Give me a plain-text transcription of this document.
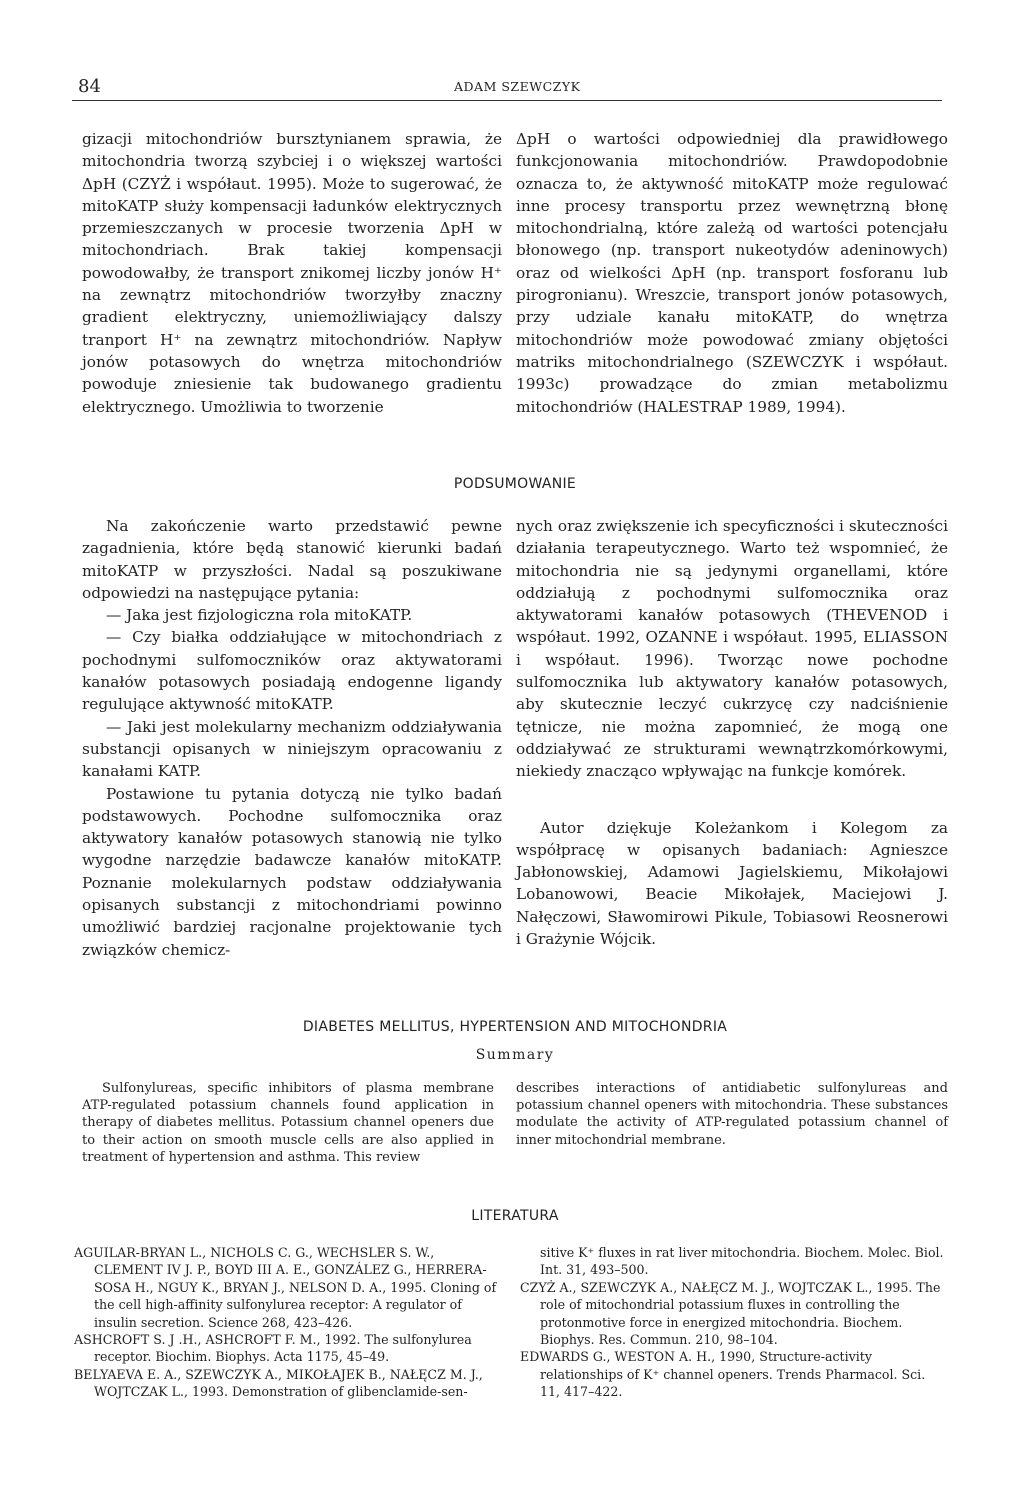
84	ADAM SZEWCZYK

gizacji mitochondriów bursztynianem sprawia, że mitochondria tworzą szybciej i o większej wartości ΔpH (CZYŻ i współaut. 1995). Może to sugerować, że mitoKATP służy kompensacji ładunków elektrycznych przemieszczanych w procesie tworzenia ΔpH w mitochondriach. Brak takiej kompensacji powodowałby, że transport znikomej liczby jonów H⁺ na zewnątrz mitochondriów tworzyłby znaczny gradient elektryczny, uniemożliwiający dalszy tranport H⁺ na zewnątrz mitochondriów. Napływ jonów potasowych do wnętrza mitochondriów powoduje zniesienie tak budowanego gradientu elektrycznego. Umożliwia to tworzenie

ΔpH o wartości odpowiedniej dla prawidłowego funkcjonowania mitochondriów. Prawdopodobnie oznacza to, że aktywność mitoKATP może regulować inne procesy transportu przez wewnętrzną błonę mitochondrialną, które zależą od wartości potencjału błonowego (np. transport nukeotydów adeninowych) oraz od wielkości ΔpH (np. transport fosforanu lub pirogronianu). Wreszcie, transport jonów potasowych, przy udziale kanału mitoKATP, do wnętrza mitochondriów może powodować zmiany objętości matriks mitochondrialnego (SZEWCZYK i współaut. 1993c) prowadzące do zmian metabolizmu mitochondriów (HALESTRAP 1989, 1994).

PODSUMOWANIE

Na zakończenie warto przedstawić pewne zagadnienia, które będą stanowić kierunki badań mitoKATP w przyszłości. Nadal są poszukiwane odpowiedzi na następujące pytania:

— Jaka jest fizjologiczna rola mitoKATP.

— Czy białka oddziałujące w mitochondriach z pochodnymi sulfomoczników oraz aktywatorami kanałów potasowych posiadają endogenne ligandy regulujące aktywność mitoKATP.

— Jaki jest molekularny mechanizm oddziaływania substancji opisanych w niniejszym opracowaniu z kanałami KATP.

Postawione tu pytania dotyczą nie tylko badań podstawowych. Pochodne sulfomocznika oraz aktywatory kanałów potasowych stanowią nie tylko wygodne narzędzie badawcze kanałów mitoKATP. Poznanie molekularnych podstaw oddziaływania opisanych substancji z mitochondriami powinno umożliwić bardziej racjonalne projektowanie tych związków chemicz-

nych oraz zwiększenie ich specyficzności i skuteczności działania terapeutycznego. Warto też wspomnieć, że mitochondria nie są jedynymi organellami, które oddziałują z pochodnymi sulfomocznika oraz aktywatorami kanałów potasowych (THEVENOD i współaut. 1992, OZANNE i współaut. 1995, ELIASSON i współaut. 1996). Tworząc nowe pochodne sulfomocznika lub aktywatory kanałów potasowych, aby skutecznie leczyć cukrzycę czy nadciśnienie tętnicze, nie można zapomnieć, że mogą one oddziaływać ze strukturami wewnątrzkomórkowymi, niekiedy znacząco wpływając na funkcje komórek.

Autor dziękuje Koleżankom i Kolegom za współpracę w opisanych badaniach: Agnieszce Jabłonowskiej, Adamowi Jagielskiemu, Mikołajowi Lobanowowi, Beacie Mikołajek, Maciejowi J. Nałęczowi, Sławomirowi Pikule, Tobiasowi Reosnerowi i Grażynie Wójcik.

DIABETES MELLITUS, HYPERTENSION AND MITOCHONDRIA
Summary

Sulfonylureas, specific inhibitors of plasma membrane ATP-regulated potassium channels found application in therapy of diabetes mellitus. Potassium channel openers due to their action on smooth muscle cells are also applied in treatment of hypertension and asthma. This review

describes interactions of antidiabetic sulfonylureas and potassium channel openers with mitochondria. These substances modulate the activity of ATP-regulated potassium channel of inner mitochondrial membrane.

LITERATURA

AGUILAR-BRYAN L., NICHOLS C. G., WECHSLER S. W., CLEMENT IV J. P., BOYD III A. E., GONZÁLEZ G., HERRERA-SOSA H., NGUY K., BRYAN J., NELSON D. A., 1995. Cloning of the cell high-affinity sulfonylurea receptor: A regulator of insulin secretion. Science 268, 423–426.

ASHCROFT S. J .H., ASHCROFT F. M., 1992. The sulfonylurea receptor. Biochim. Biophys. Acta 1175, 45–49.

BELYAEVA E. A., SZEWCZYK A., MIKOŁAJEK B., NAŁĘCZ M. J., WOJTCZAK L., 1993. Demonstration of glibenclamide-sen-

sitive K⁺ fluxes in rat liver mitochondria. Biochem. Molec. Biol. Int. 31, 493–500.

CZYŻ A., SZEWCZYK A., NAŁĘCZ M. J., WOJTCZAK L., 1995. The role of mitochondrial potassium fluxes in controlling the protonmotive force in energized mitochondria. Biochem. Biophys. Res. Commun. 210, 98–104.

EDWARDS G., WESTON A. H., 1990, Structure-activity relationships of K⁺ channel openers. Trends Pharmacol. Sci. 11, 417–422.
